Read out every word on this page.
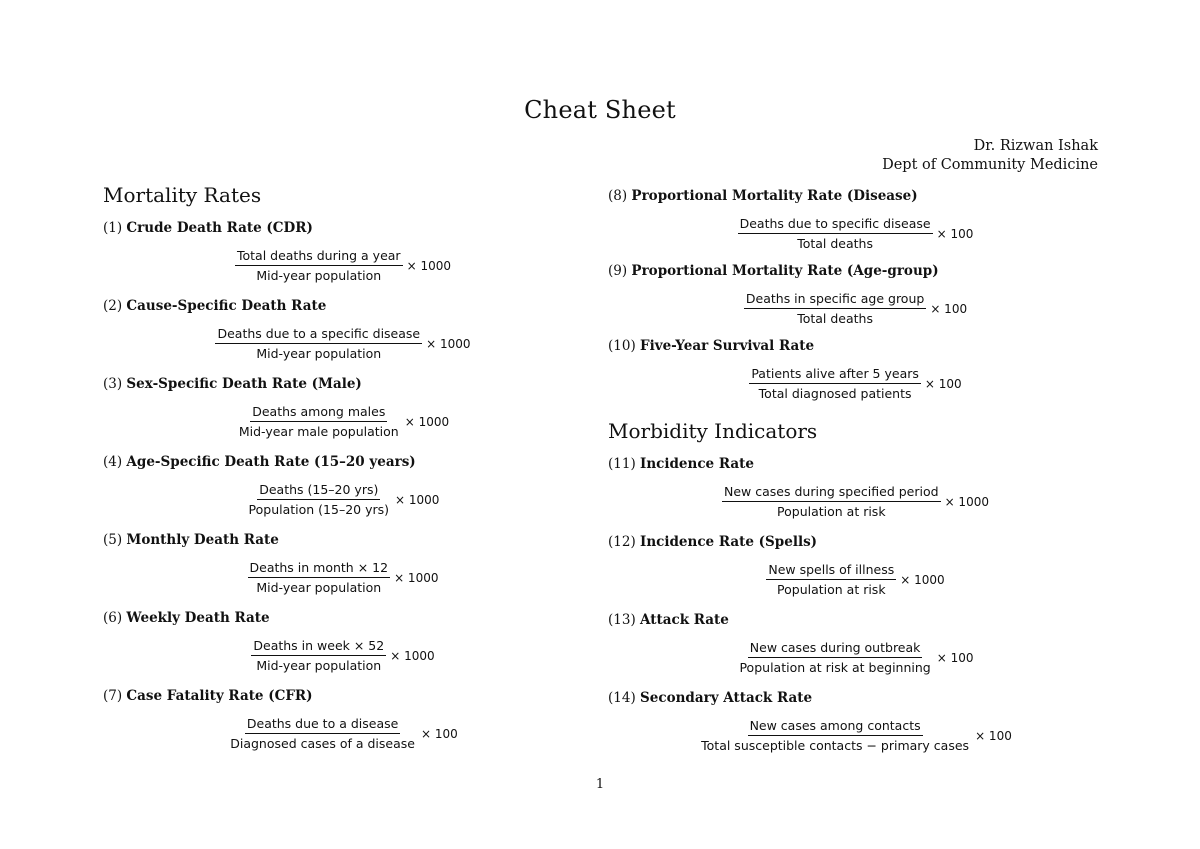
Cheat Sheet
Dr. Rizwan Ishak
Dept of Community Medicine
Mortality Rates
(1) Crude Death Rate (CDR)
$\frac{\text{Total deaths during a year}}{\text{Mid-year population}} \times 1000$
(2) Cause-Specific Death Rate
$\frac{\text{Deaths due to a specific disease}}{\text{Mid-year population}} \times 1000$
(3) Sex-Specific Death Rate (Male)
$\frac{\text{Deaths among males}}{\text{Mid-year male population}} \times 1000$
(4) Age-Specific Death Rate (15–20 years)
$\frac{\text{Deaths (15–20 yrs)}}{\text{Population (15–20 yrs)}} \times 1000$
(5) Monthly Death Rate
$\frac{\text{Deaths in month × 12}}{\text{Mid-year population}} \times 1000$
(6) Weekly Death Rate
$\frac{\text{Deaths in week × 52}}{\text{Mid-year population}} \times 1000$
(7) Case Fatality Rate (CFR)
$\frac{\text{Deaths due to a disease}}{\text{Diagnosed cases of a disease}} \times 100$
(8) Proportional Mortality Rate (Disease)
$\frac{\text{Deaths due to specific disease}}{\text{Total deaths}} \times 100$
(9) Proportional Mortality Rate (Age-group)
$\frac{\text{Deaths in specific age group}}{\text{Total deaths}} \times 100$
(10) Five-Year Survival Rate
$\frac{\text{Patients alive after 5 years}}{\text{Total diagnosed patients}} \times 100$
Morbidity Indicators
(11) Incidence Rate
$\frac{\text{New cases during specified period}}{\text{Population at risk}} \times 1000$
(12) Incidence Rate (Spells)
$\frac{\text{New spells of illness}}{\text{Population at risk}} \times 1000$
(13) Attack Rate
$\frac{\text{New cases during outbreak}}{\text{Population at risk at beginning}} \times 100$
(14) Secondary Attack Rate
$\frac{\text{New cases among contacts}}{\text{Total susceptible contacts − primary cases}} \times 100$
1
